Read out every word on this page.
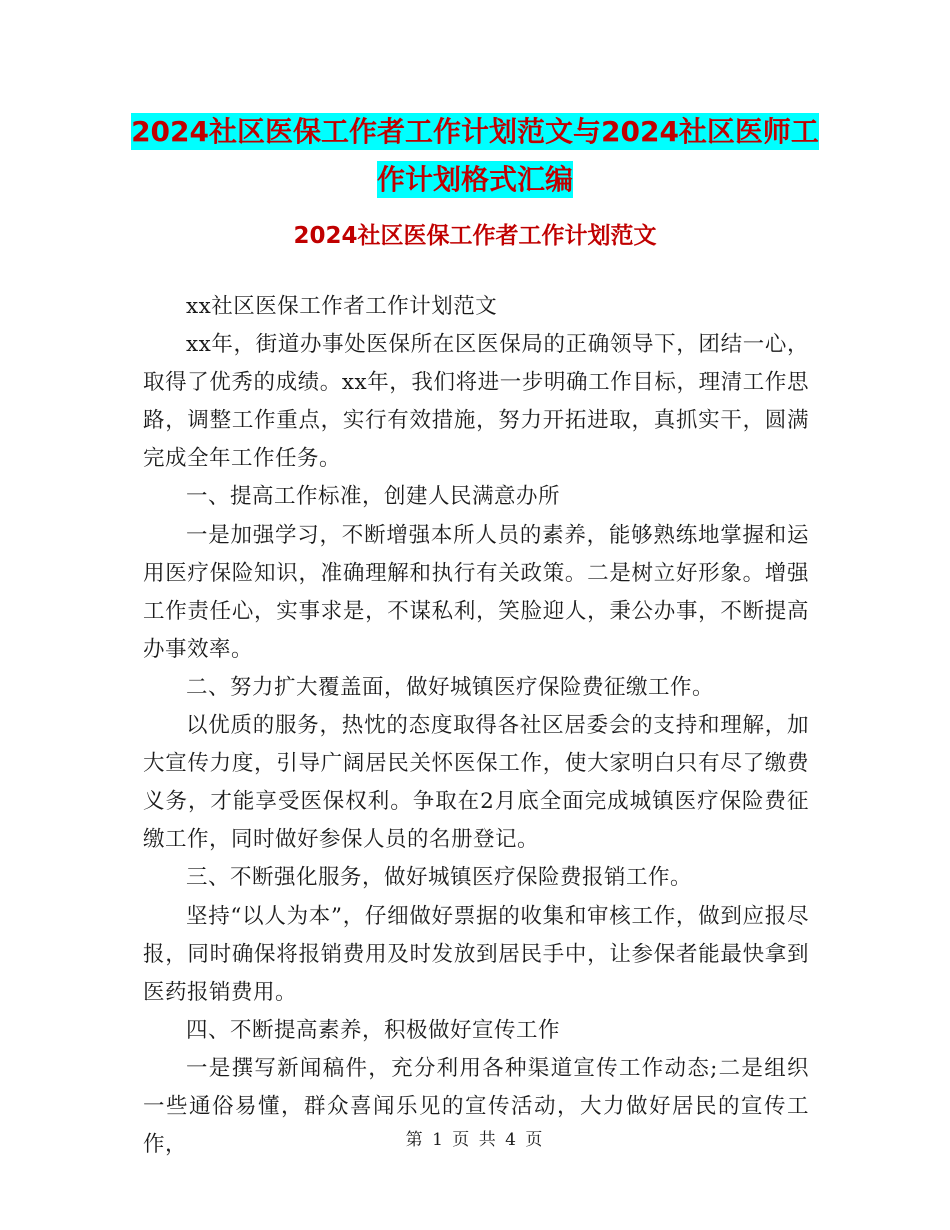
2024社区医保工作者工作计划范文与2024社区医师工
作计划格式汇编
2024社区医保工作者工作计划范文

xx社区医保工作者工作计划范文

xx年，街道办事处医保所在区医保局的正确领导下，团结一心，取得了优秀的成绩。xx年，我们将进一步明确工作目标，理清工作思路，调整工作重点，实行有效措施，努力开拓进取，真抓实干，圆满完成全年工作任务。

一、提高工作标准，创建人民满意办所

一是加强学习，不断增强本所人员的素养，能够熟练地掌握和运用医疗保险知识，准确理解和执行有关政策。二是树立好形象。增强工作责任心，实事求是，不谋私利，笑脸迎人，秉公办事，不断提高办事效率。

二、努力扩大覆盖面，做好城镇医疗保险费征缴工作。

以优质的服务，热忱的态度取得各社区居委会的支持和理解，加大宣传力度，引导广阔居民关怀医保工作，使大家明白只有尽了缴费义务，才能享受医保权利。争取在2月底全面完成城镇医疗保险费征缴工作，同时做好参保人员的名册登记。

三、不断强化服务，做好城镇医疗保险费报销工作。

坚持“以人为本”，仔细做好票据的收集和审核工作，做到应报尽报，同时确保将报销费用及时发放到居民手中，让参保者能最快拿到医药报销费用。

四、不断提高素养，积极做好宣传工作

一是撰写新闻稿件，充分利用各种渠道宣传工作动态;二是组织一些通俗易懂，群众喜闻乐见的宣传活动，大力做好居民的宣传工作，	第 1 页 共 4 页
